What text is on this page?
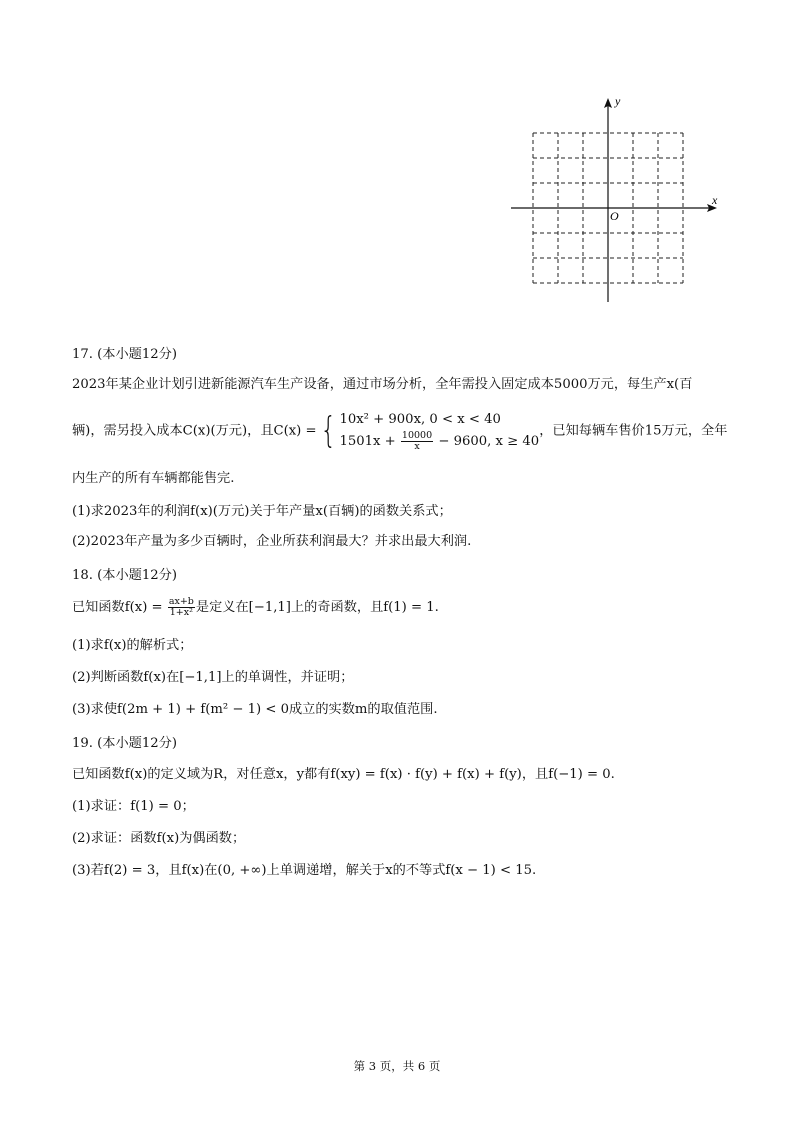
x
y
O
17. (本小题12分)
2023年某企业计划引进新能源汽车生产设备，通过市场分析，全年需投入固定成本5000万元，每生产x(百
辆)，需另投入成本C(x)(万元)，且C(x) ={ 10x² + 900x, 0 < x < 40
$1501x + \frac{10000}{x} - 9600$, x ≥ 40
，已知每辆车售价15万元，全年
内生产的所有车辆都能售完.
(1)求2023年的利润f(x)(万元)关于年产量x(百辆)的函数关系式；
(2)2023年产量为多少百辆时，企业所获利润最大？并求出最大利润.
18. (本小题12分)
已知函数$f(x) = \frac{ax+b}{\text{1+x²}}$ 是定义在[−1,1]上的奇函数，且f(1) = 1.
(1)求f(x)的解析式；
(2)判断函数f(x)在[−1,1]上的单调性，并证明；
(3)求使f(2m + 1) + f(m² − 1) < 0成立的实数m的取值范围.
19. (本小题12分)
已知函数f(x)的定义域为R，对任意x，y都有f(xy) = f(x) · f(y) + f(x) + f(y)，且f(−1) = 0.
(1)求证：f(1) = 0；
(2)求证：函数f(x)为偶函数；
(3)若f(2) = 3，且f(x)在(0, +∞)上单调递增，解关于x的不等式f(x − 1) < 15.
第 3 页，共 6 页
